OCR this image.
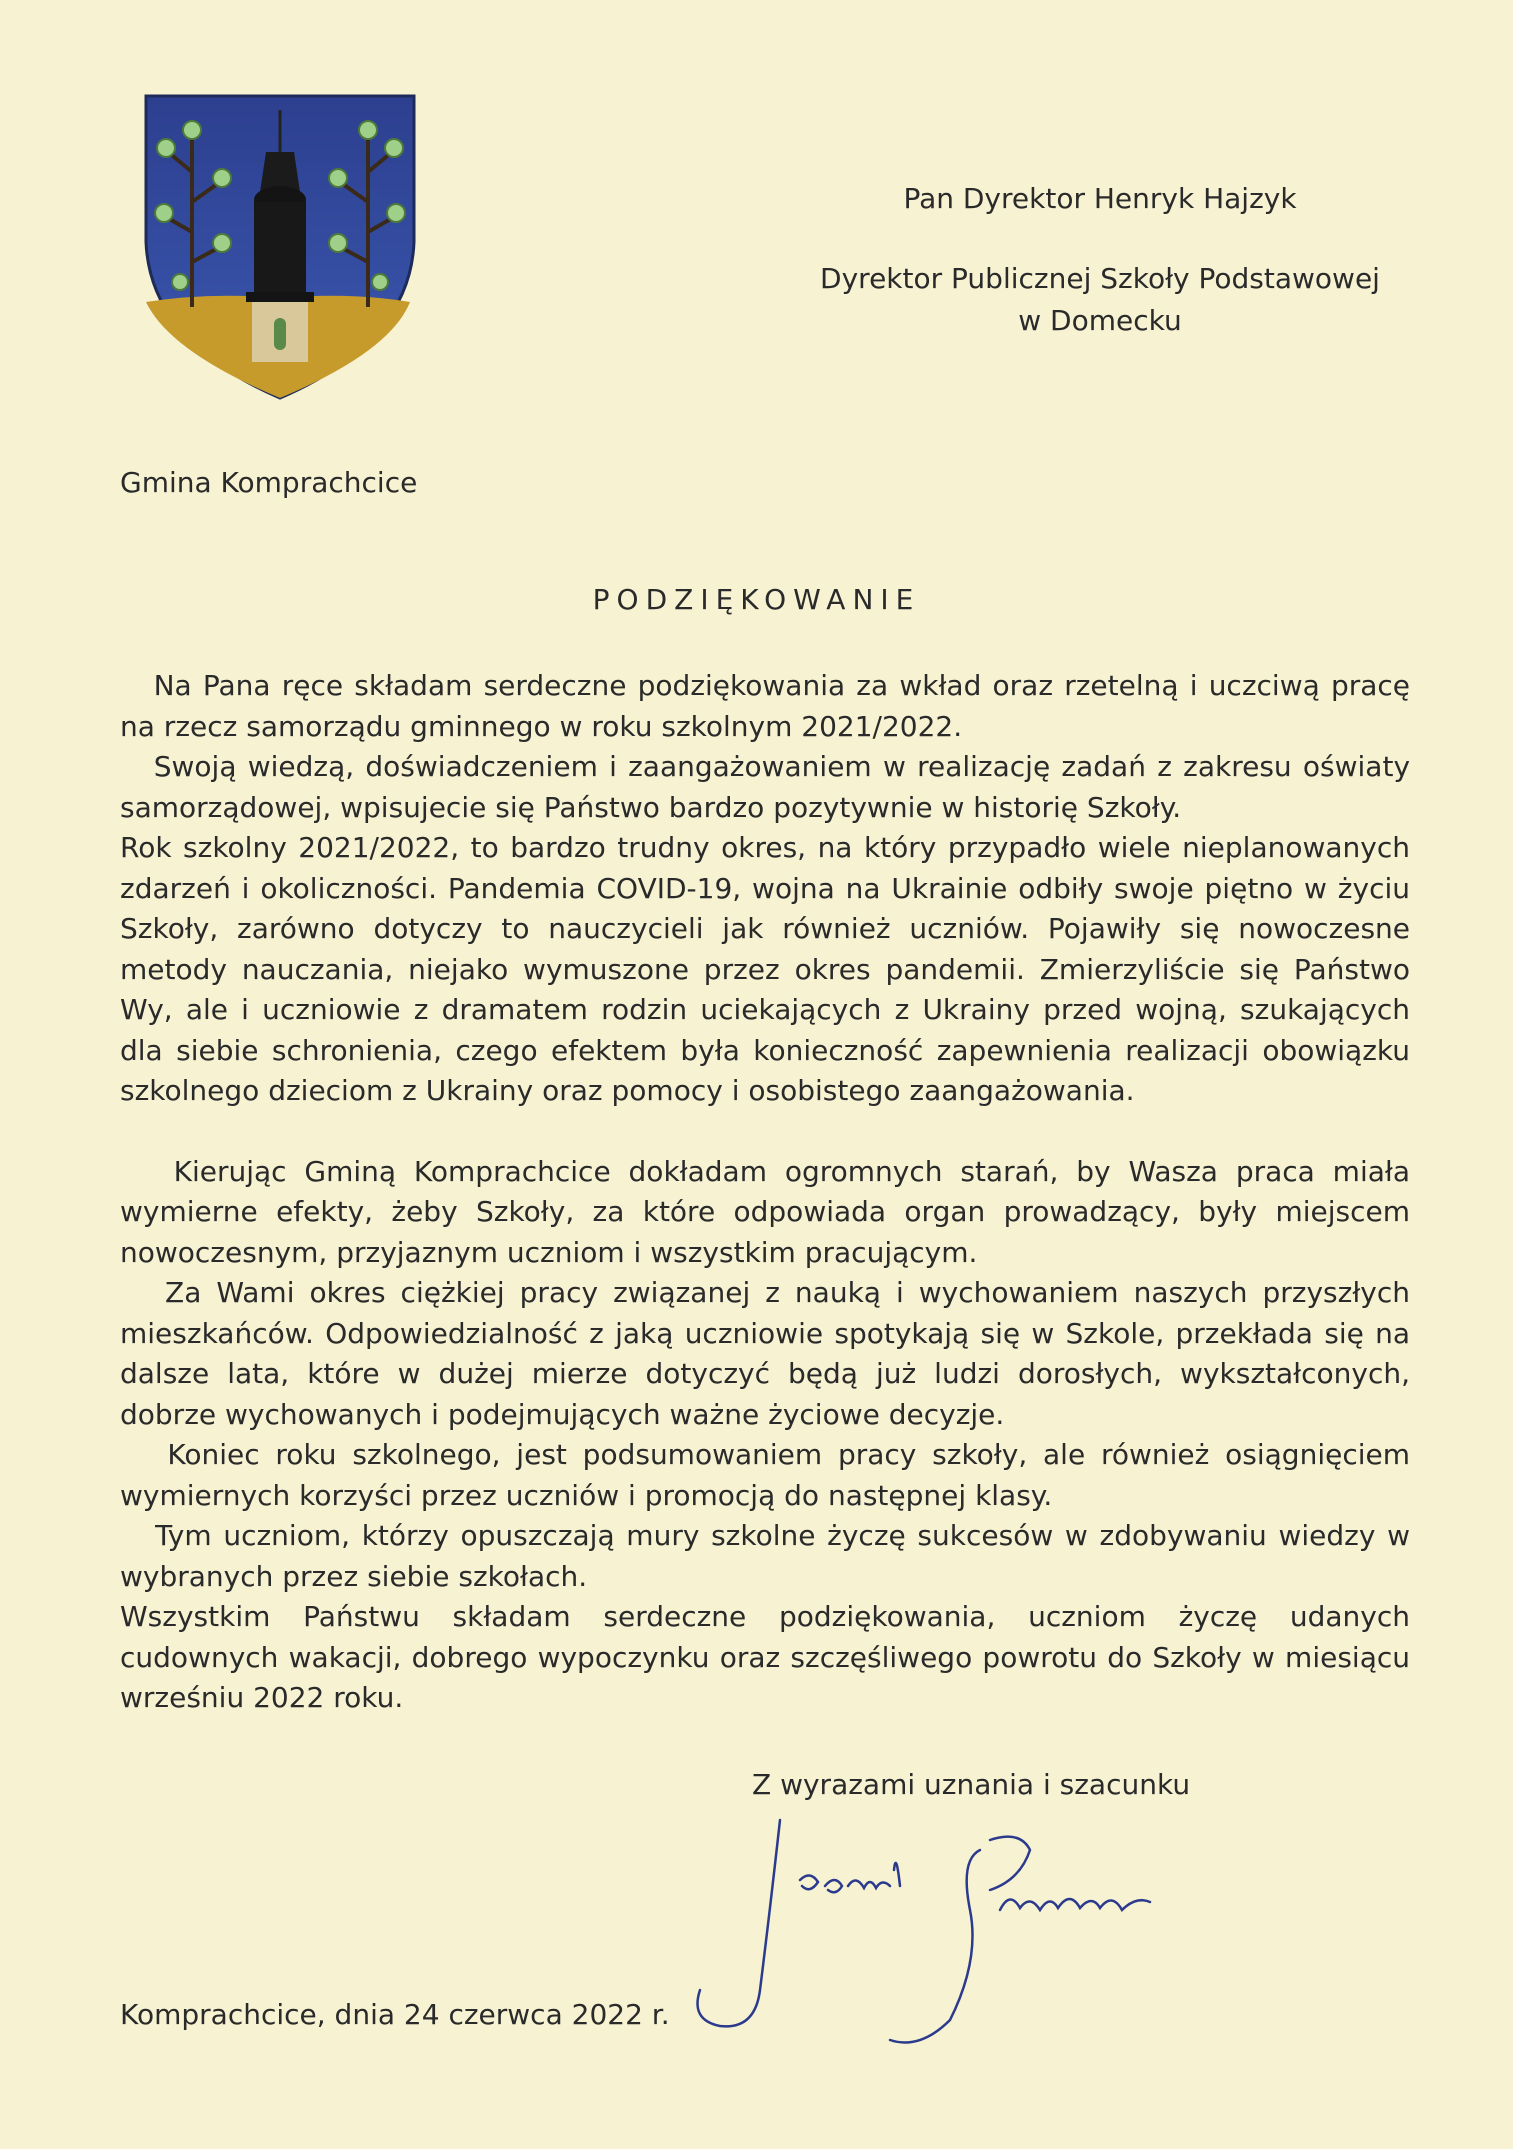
Pan Dyrektor Henryk Hajzyk
Dyrektor Publicznej Szkoły Podstawowej
w Domecku
Gmina Komprachcice
PODZIĘKOWANIE

Na Pana ręce składam serdeczne podziękowania za wkład oraz rzetelną i uczciwą pracę na rzecz samorządu gminnego w roku szkolnym 2021/2022.

Swoją wiedzą, doświadczeniem i zaangażowaniem w realizację zadań z zakresu oświaty samorządowej, wpisujecie się Państwo bardzo pozytywnie w historię Szkoły.

Rok szkolny 2021/2022, to bardzo trudny okres, na który przypadło wiele nieplanowanych zdarzeń i okoliczności. Pandemia COVID-19, wojna na Ukrainie odbiły swoje piętno w życiu Szkoły, zarówno dotyczy to nauczycieli jak również uczniów. Pojawiły się nowoczesne metody nauczania, niejako wymuszone przez okres pandemii. Zmierzyliście się Państwo Wy, ale i uczniowie z dramatem rodzin uciekających z Ukrainy przed wojną, szukających dla siebie schronienia, czego efektem była konieczność zapewnienia realizacji obowiązku szkolnego dzieciom z Ukrainy oraz pomocy i osobistego zaangażowania.

Kierując Gminą Komprachcice dokładam ogromnych starań, by Wasza praca miała wymierne efekty, żeby Szkoły, za które odpowiada organ prowadzący, były miejscem nowoczesnym, przyjaznym uczniom i wszystkim pracującym.

Za Wami okres ciężkiej pracy związanej z nauką i wychowaniem naszych przyszłych mieszkańców. Odpowiedzialność z jaką uczniowie spotykają się w Szkole, przekłada się na dalsze lata, które w dużej mierze dotyczyć będą już ludzi dorosłych, wykształconych, dobrze wychowanych i podejmujących ważne życiowe decyzje.

Koniec roku szkolnego, jest podsumowaniem pracy szkoły, ale również osiągnięciem wymiernych korzyści przez uczniów i promocją do następnej klasy.

Tym uczniom, którzy opuszczają mury szkolne życzę sukcesów w zdobywaniu wiedzy w wybranych przez siebie szkołach.

Wszystkim Państwu składam serdeczne podziękowania, uczniom życzę udanych cudownych wakacji, dobrego wypoczynku oraz szczęśliwego powrotu do Szkoły w miesiącu wrześniu 2022 roku.

Z wyrazami uznania i szacunku
Komprachcice, dnia 24 czerwca 2022 r.
